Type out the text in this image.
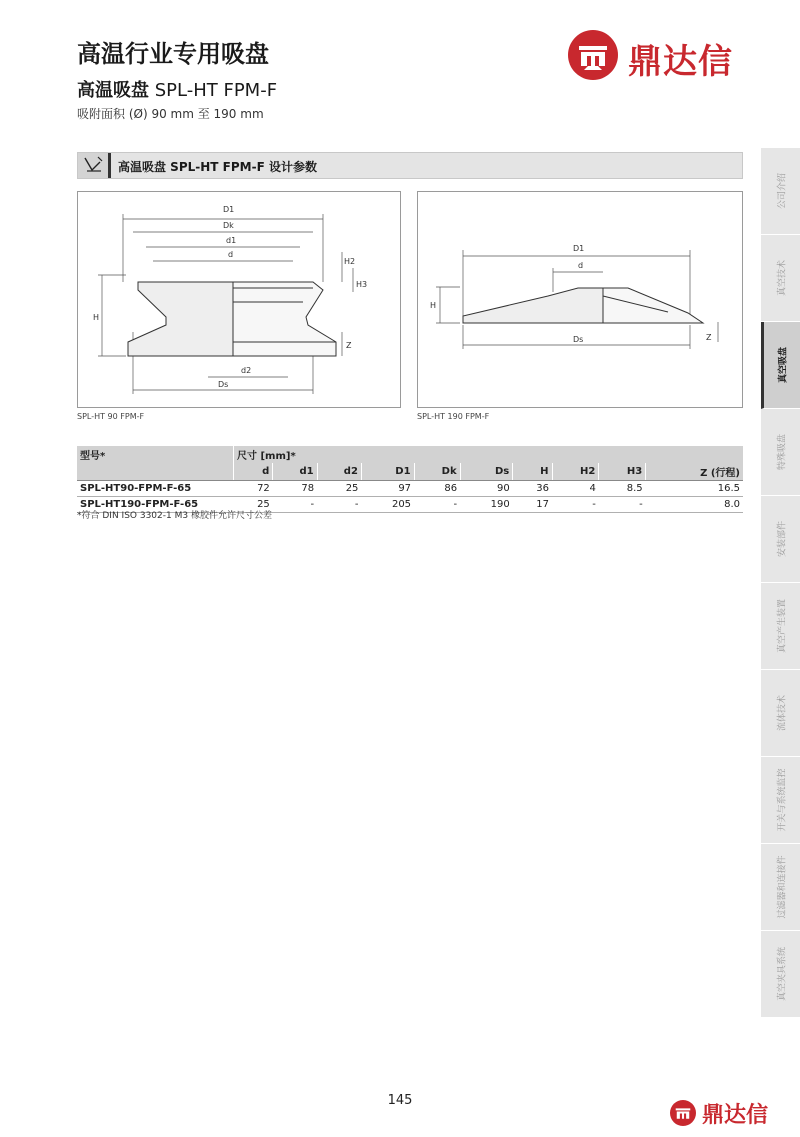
高温行业专用吸盘
高温吸盘 SPL-HT FPM-F
吸附面积 (Ø) 90 mm 至 190 mm
鼎达信
高温吸盘 SPL-HT FPM-F 设计参数
D1
Dk
d1
d
H
H2
H3
Z
d2
Ds
SPL-HT 90 FPM-F
D1
d
H
Z
Ds
SPL-HT 190 FPM-F
型号*	尺寸 [mm]*									
	d	d1	d2	D1	Dk	Ds	H	H2	H3	Z (行程)
SPL-HT90-FPM-F-65	72	78	25	97	86	90	36	4	8.5	16.5
SPL-HT190-FPM-F-65	25	-	-	205	-	190	17	-	-	8.0
*符合 DIN ISO 3302-1 M3 橡胶件允许尺寸公差
公司介绍
真空技术
真空吸盘
特殊吸盘
安装部件
真空产生装置
流体技术
开关与系统监控
过滤器和连接件
真空夹具系统
145
鼎达信
